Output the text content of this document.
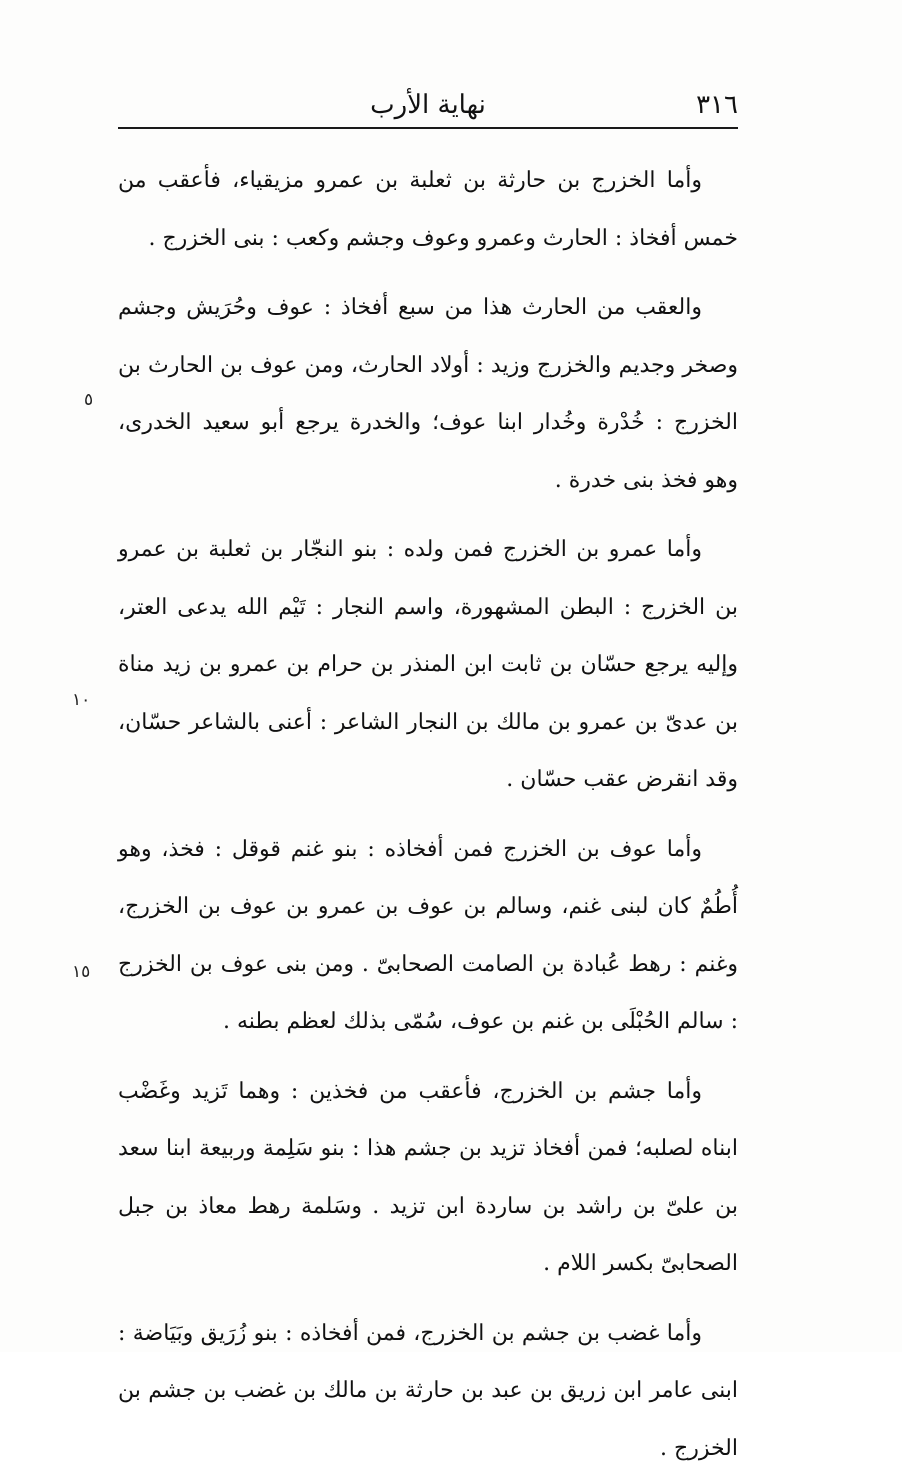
٣١٦
نهاية الأرب

وأما الخزرج بن حارثة بن ثعلبة بن عمرو مزيقياء، فأعقب من خمس أفخاذ : الحارث وعمرو وعوف وجشم وكعب : بنى الخزرج .

والعقب من الحارث هذا من سبع أفخاذ : عوف وحُرَيش وجشم وصخر وجديم والخزرج وزيد : أولاد الحارث، ومن عوف بن الحارث بن الخزرج : خُدْرة وخُدار ابنا عوف؛ والخدرة يرجع أبو سعيد الخدرى، وهو فخذ بنى خدرة .

وأما عمرو بن الخزرج فمن ولده : بنو النجّار بن ثعلبة بن عمرو بن الخزرج : البطن المشهورة، واسم النجار : تَيْم الله يدعى العتر، وإليه يرجع حسّان بن ثابت ابن المنذر بن حرام بن عمرو بن زيد مناة بن عدىّ بن عمرو بن مالك بن النجار الشاعر : أعنى بالشاعر حسّان، وقد انقرض عقب حسّان .

وأما عوف بن الخزرج فمن أفخاذه : بنو غنم قوقل : فخذ، وهو أُطُمٌ كان لبنى غنم، وسالم بن عوف بن عمرو بن عوف بن الخزرج، وغنم : رهط عُبادة بن الصامت الصحابىّ . ومن بنى عوف بن الخزرج : سالم الحُبْلَى بن غنم بن عوف، سُمّى بذلك لعظم بطنه .

وأما جشم بن الخزرج، فأعقب من فخذين : وهما تَزيد وغَضْب ابناه لصلبه؛ فمن أفخاذ تزيد بن جشم هذا : بنو سَلِمة وربيعة ابنا سعد بن علىّ بن راشد بن ساردة ابن تزيد . وسَلمة رهط معاذ بن جبل الصحابىّ بكسر اللام .

وأما غضب بن جشم بن الخزرج، فمن أفخاذه : بنو زُرَيق وبَيَاضة : ابنى عامر ابن زريق بن عبد بن حارثة بن مالك بن غضب بن جشم بن الخزرج .

٥
١٠
١٥
